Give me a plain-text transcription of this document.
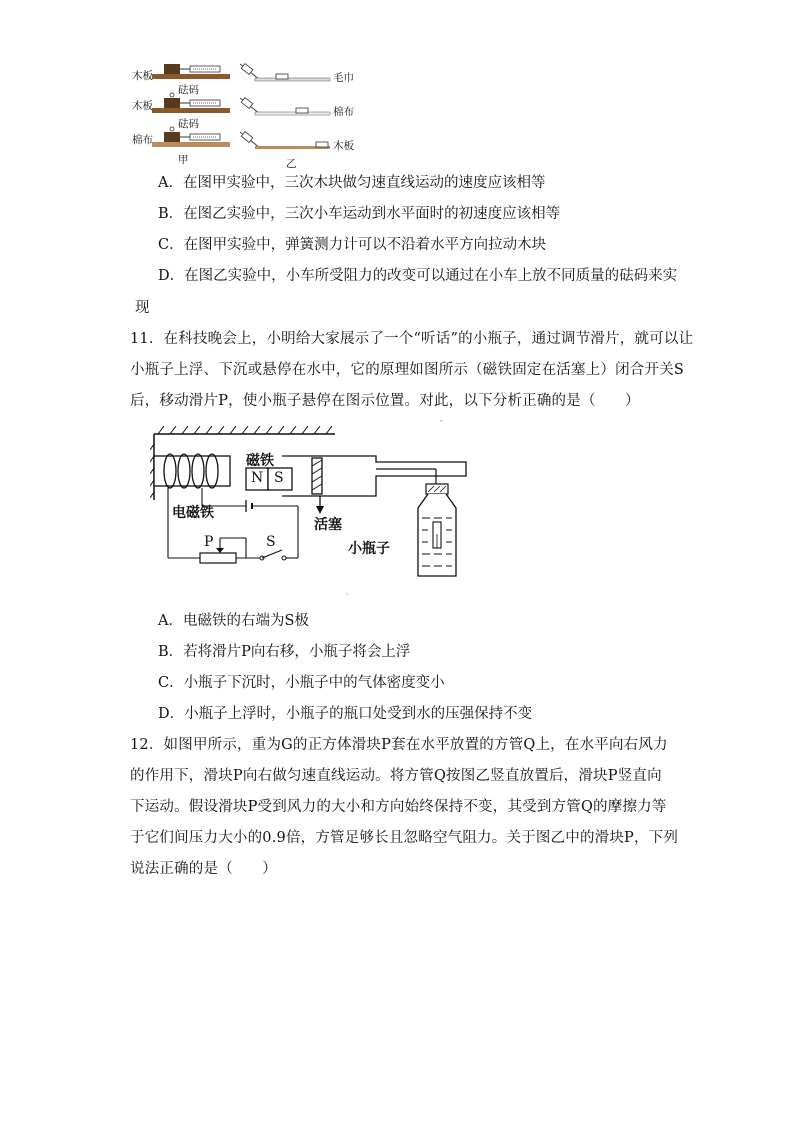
木板	毛巾
砝码
木板	棉布
砝码
棉布	木板
甲	乙
A．在图甲实验中，三次木块做匀速直线运动的速度应该相等
B．在图乙实验中，三次小车运动到水平面时的初速度应该相等
C．在图甲实验中，弹簧测力计可以不沿着水平方向拉动木块
D．在图乙实验中，小车所受阻力的改变可以通过在小车上放不同质量的砝码来实
现
11．在科技晚会上，小明给大家展示了一个“听话”的小瓶子，通过调节滑片，就可以让
小瓶子上浮、下沉或悬停在水中，它的原理如图所示（磁铁固定在活塞上）闭合开关S
后，移动滑片P，使小瓶子悬停在图示位置。对此，以下分析正确的是（　　）
-
磁铁
N S
电磁铁
活塞
小瓶子
P	S
·
A．电磁铁的右端为S极
B．若将滑片P向右移，小瓶子将会上浮
C．小瓶子下沉时，小瓶子中的气体密度变小
D．小瓶子上浮时，小瓶子的瓶口处受到水的压强保持不变
12．如图甲所示，重为G的正方体滑块P套在水平放置的方管Q上，在水平向右风力
的作用下，滑块P向右做匀速直线运动。将方管Q按图乙竖直放置后，滑块P竖直向
下运动。假设滑块P受到风力的大小和方向始终保持不变，其受到方管Q的摩擦力等
于它们间压力大小的0.9倍，方管足够长且忽略空气阻力。关于图乙中的滑块P，下列
说法正确的是（　　）
